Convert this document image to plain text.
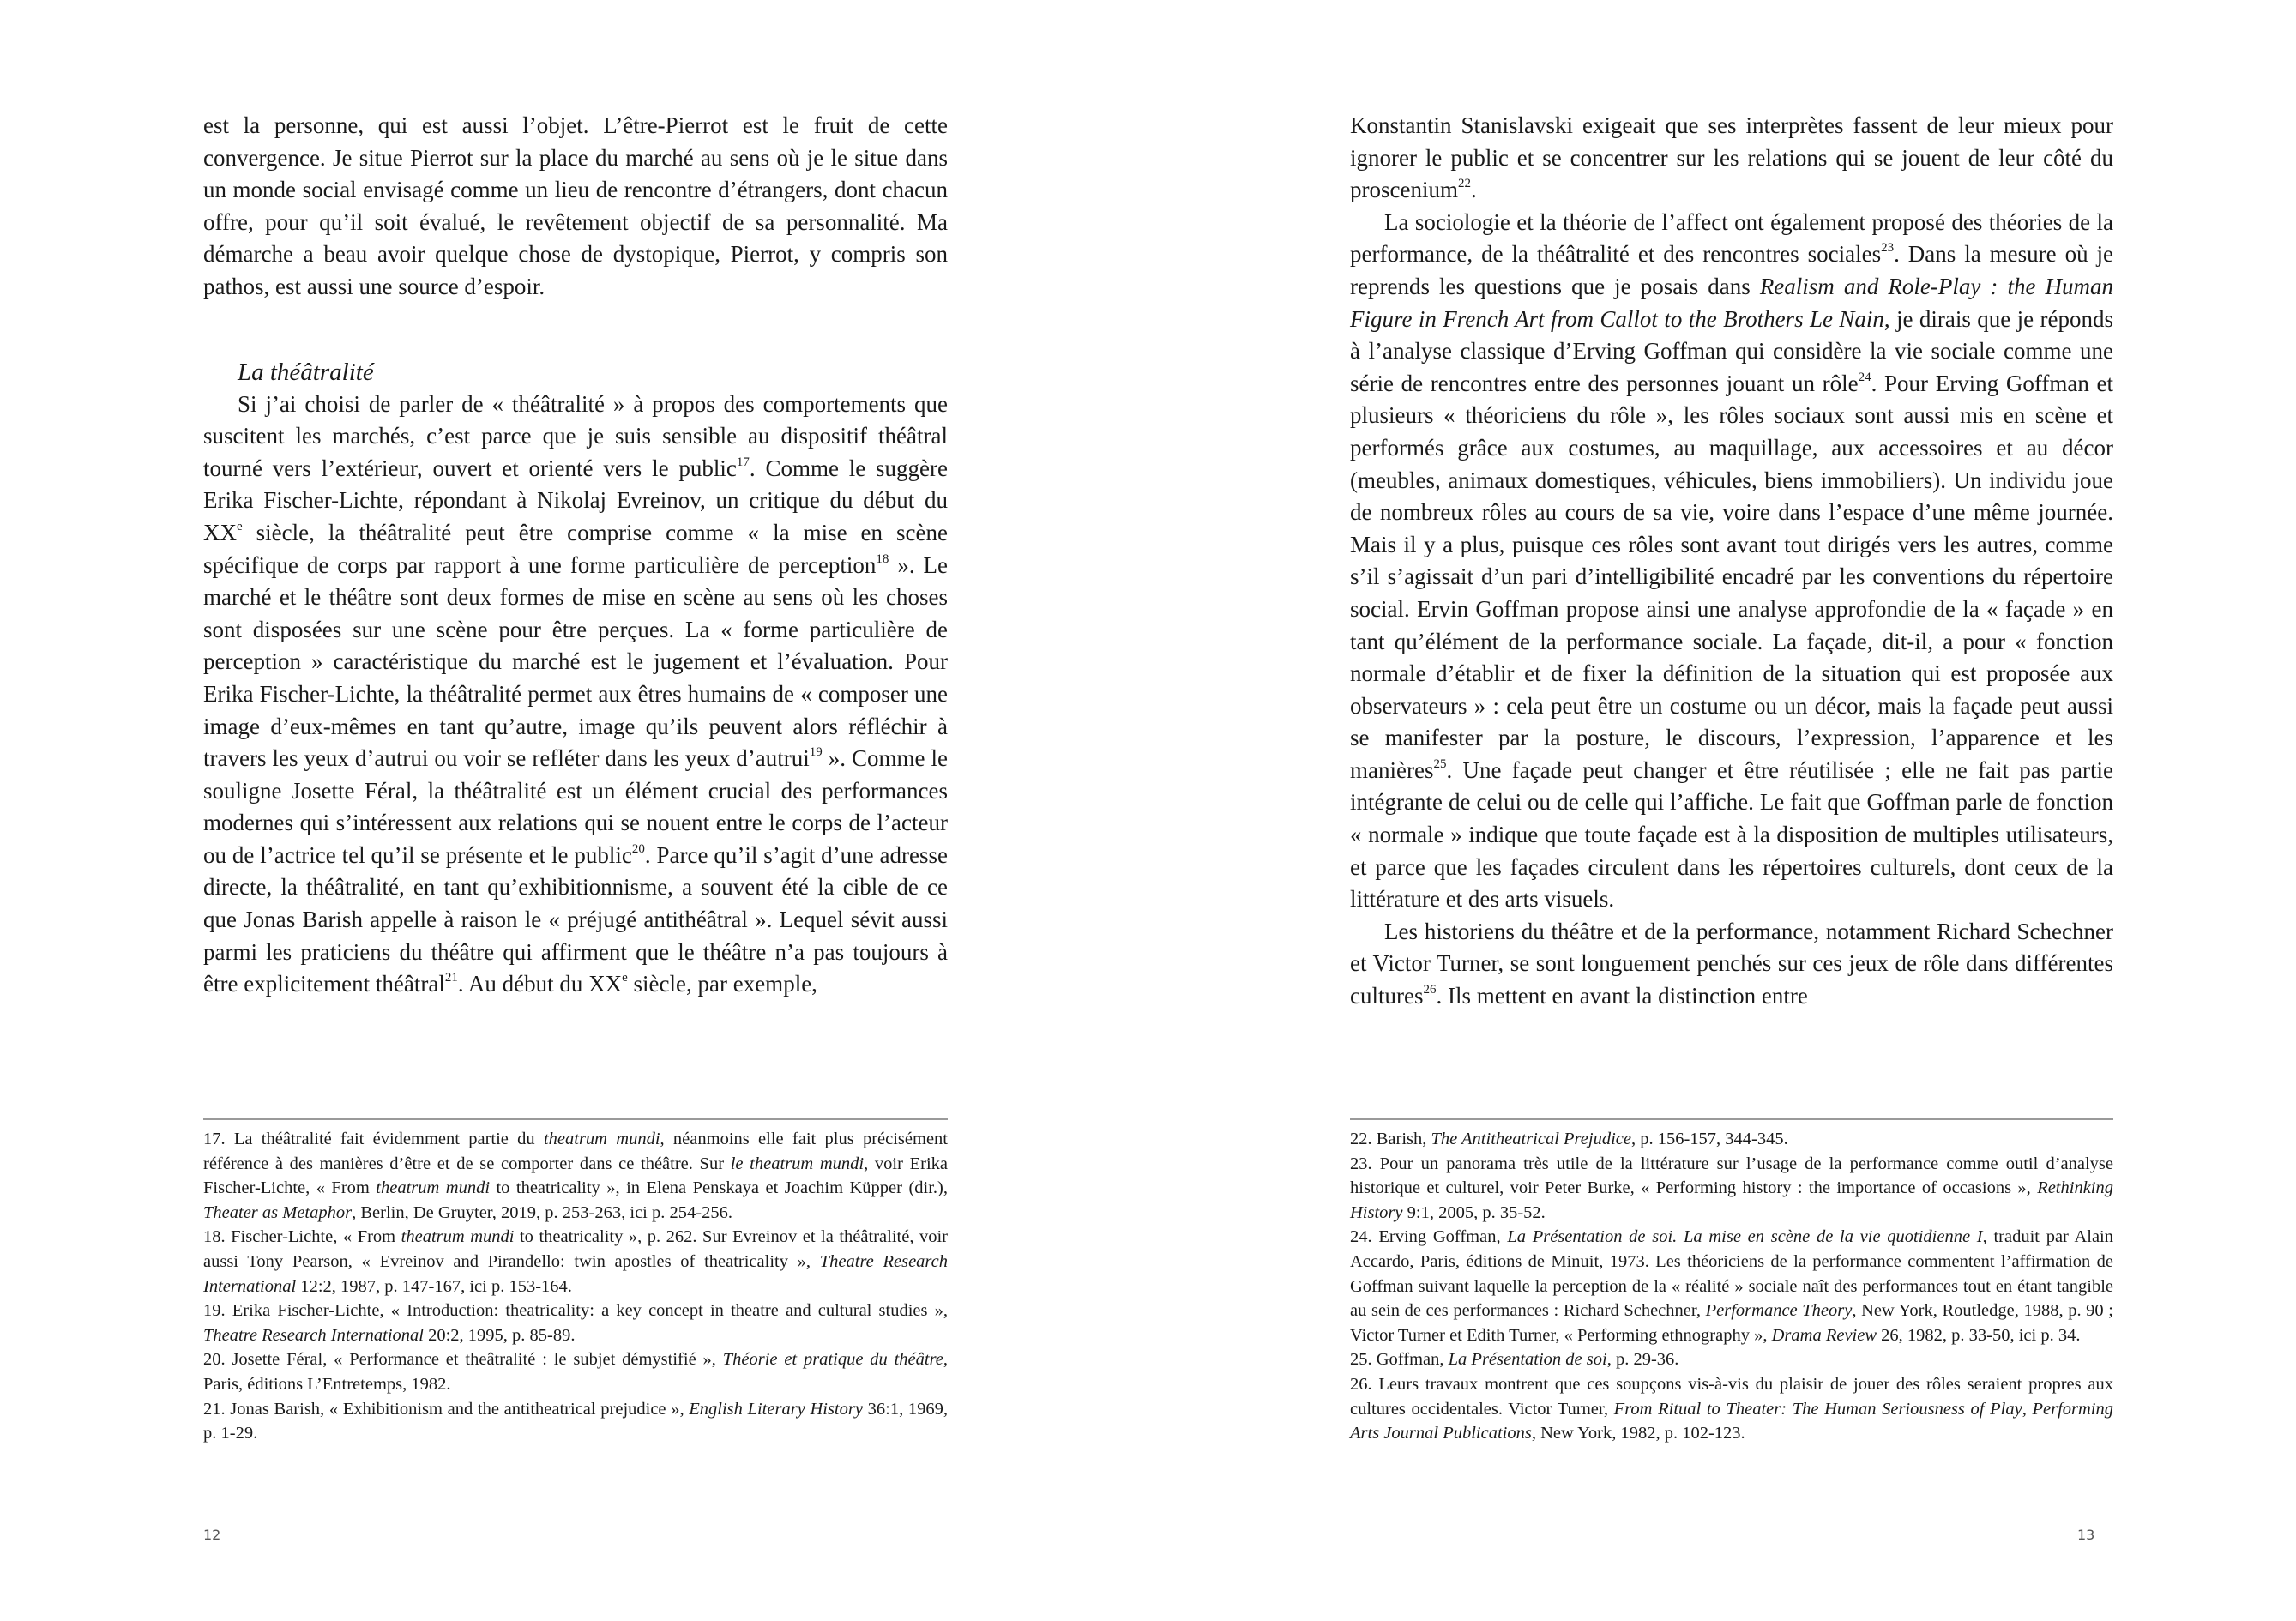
est la personne, qui est aussi l’objet. L’être-Pierrot est le fruit de cette convergence. Je situe Pierrot sur la place du marché au sens où je le situe dans un monde social envisagé comme un lieu de rencontre d’étrangers, dont chacun offre, pour qu’il soit évalué, le revêtement objectif de sa personnalité. Ma démarche a beau avoir quelque chose de dystopique, Pierrot, y compris son pathos, est aussi une source d’espoir.

La théâtralité

Si j’ai choisi de parler de « théâtralité » à propos des comportements que suscitent les marchés, c’est parce que je suis sensible au dispositif théâtral tourné vers l’extérieur, ouvert et orienté vers le public$^{17}$. Comme le suggère Erika Fischer-Lichte, répondant à Nikolaj Evreinov, un critique du début du XXe siècle, la théâtralité peut être comprise comme « la mise en scène spécifique de corps par rapport à une forme particulière de perception$^{18}$ ». Le marché et le théâtre sont deux formes de mise en scène au sens où les choses sont disposées sur une scène pour être perçues. La « forme particulière de perception » caractéristique du marché est le jugement et l’évaluation. Pour Erika Fischer-Lichte, la théâtralité permet aux êtres humains de « composer une image d’eux-mêmes en tant qu’autre, image qu’ils peuvent alors réfléchir à travers les yeux d’autrui ou voir se refléter dans les yeux d’autrui$^{19}$ ». Comme le souligne Josette Féral, la théâtralité est un élément crucial des performances modernes qui s’intéressent aux relations qui se nouent entre le corps de l’acteur ou de l’actrice tel qu’il se présente et le public$^{20}$. Parce qu’il s’agit d’une adresse directe, la théâtralité, en tant qu’exhibitionnisme, a souvent été la cible de ce que Jonas Barish appelle à raison le « préjugé antithéâtral ». Lequel sévit aussi parmi les praticiens du théâtre qui affirment que le théâtre n’a pas toujours à être explicitement théâtral$^{21}$. Au début du XXe siècle, par exemple,

17. La théâtralité fait évidemment partie du theatrum mundi, néanmoins elle fait plus précisément référence à des manières d’être et de se comporter dans ce théâtre. Sur le theatrum mundi, voir Erika Fischer-Lichte, « From theatrum mundi to theatricality », in Elena Penskaya et Joachim Küpper (dir.), Theater as Metaphor, Berlin, De Gruyter, 2019, p. 253-263, ici p. 254-256.

18. Fischer-Lichte, « From theatrum mundi to theatricality », p. 262. Sur Evreinov et la théâtralité, voir aussi Tony Pearson, « Evreinov and Pirandello: twin apostles of theatricality », Theatre Research International 12:2, 1987, p. 147-167, ici p. 153-164.

19. Erika Fischer-Lichte, « Introduction: theatricality: a key concept in theatre and cultural studies », Theatre Research International 20:2, 1995, p. 85-89.

20. Josette Féral, « Performance et theâtralité : le subjet démystifié », Théorie et pratique du théâtre, Paris, éditions L’Entretemps, 1982.

21. Jonas Barish, « Exhibitionism and the antitheatrical prejudice », English Literary History 36:1, 1969, p. 1-29.

12

Konstantin Stanislavski exigeait que ses interprètes fassent de leur mieux pour ignorer le public et se concentrer sur les relations qui se jouent de leur côté du proscenium$^{22}$.

La sociologie et la théorie de l’affect ont également proposé des théories de la performance, de la théâtralité et des rencontres sociales$^{23}$. Dans la mesure où je reprends les questions que je posais dans Realism and Role-Play : the Human Figure in French Art from Callot to the Brothers Le Nain, je dirais que je réponds à l’analyse classique d’Erving Goffman qui considère la vie sociale comme une série de rencontres entre des personnes jouant un rôle$^{24}$. Pour Erving Goffman et plusieurs « théoriciens du rôle », les rôles sociaux sont aussi mis en scène et performés grâce aux costumes, au maquillage, aux accessoires et au décor (meubles, animaux domestiques, véhicules, biens immobiliers). Un individu joue de nombreux rôles au cours de sa vie, voire dans l’espace d’une même journée. Mais il y a plus, puisque ces rôles sont avant tout dirigés vers les autres, comme s’il s’agissait d’un pari d’intelligibilité encadré par les conventions du répertoire social. Ervin Goffman propose ainsi une analyse approfondie de la « façade » en tant qu’élément de la performance sociale. La façade, dit-il, a pour « fonction normale d’établir et de fixer la définition de la situation qui est proposée aux observateurs » : cela peut être un costume ou un décor, mais la façade peut aussi se manifester par la posture, le discours, l’expression, l’apparence et les manières$^{25}$. Une façade peut changer et être réutilisée ; elle ne fait pas partie intégrante de celui ou de celle qui l’affiche. Le fait que Goffman parle de fonction « normale » indique que toute façade est à la disposition de multiples utilisateurs, et parce que les façades circulent dans les répertoires culturels, dont ceux de la littérature et des arts visuels.

Les historiens du théâtre et de la performance, notamment Richard Schechner et Victor Turner, se sont longuement penchés sur ces jeux de rôle dans différentes cultures$^{26}$. Ils mettent en avant la distinction entre

22. Barish, The Antitheatrical Prejudice, p. 156-157, 344-345.

23. Pour un panorama très utile de la littérature sur l’usage de la performance comme outil d’analyse historique et culturel, voir Peter Burke, « Performing history : the importance of occasions », Rethinking History 9:1, 2005, p. 35-52.

24. Erving Goffman, La Présentation de soi. La mise en scène de la vie quotidienne I, traduit par Alain Accardo, Paris, éditions de Minuit, 1973. Les théoriciens de la performance commentent l’affirmation de Goffman suivant laquelle la perception de la « réalité » sociale naît des performances tout en étant tangible au sein de ces performances : Richard Schechner, Performance Theory, New York, Routledge, 1988, p. 90 ; Victor Turner et Edith Turner, « Performing ethnography », Drama Review 26, 1982, p. 33-50, ici p. 34.

25. Goffman, La Présentation de soi, p. 29-36.

26. Leurs travaux montrent que ces soupçons vis-à-vis du plaisir de jouer des rôles seraient propres aux cultures occidentales. Victor Turner, From Ritual to Theater: The Human Seriousness of Play, Performing Arts Journal Publications, New York, 1982, p. 102-123.

13
